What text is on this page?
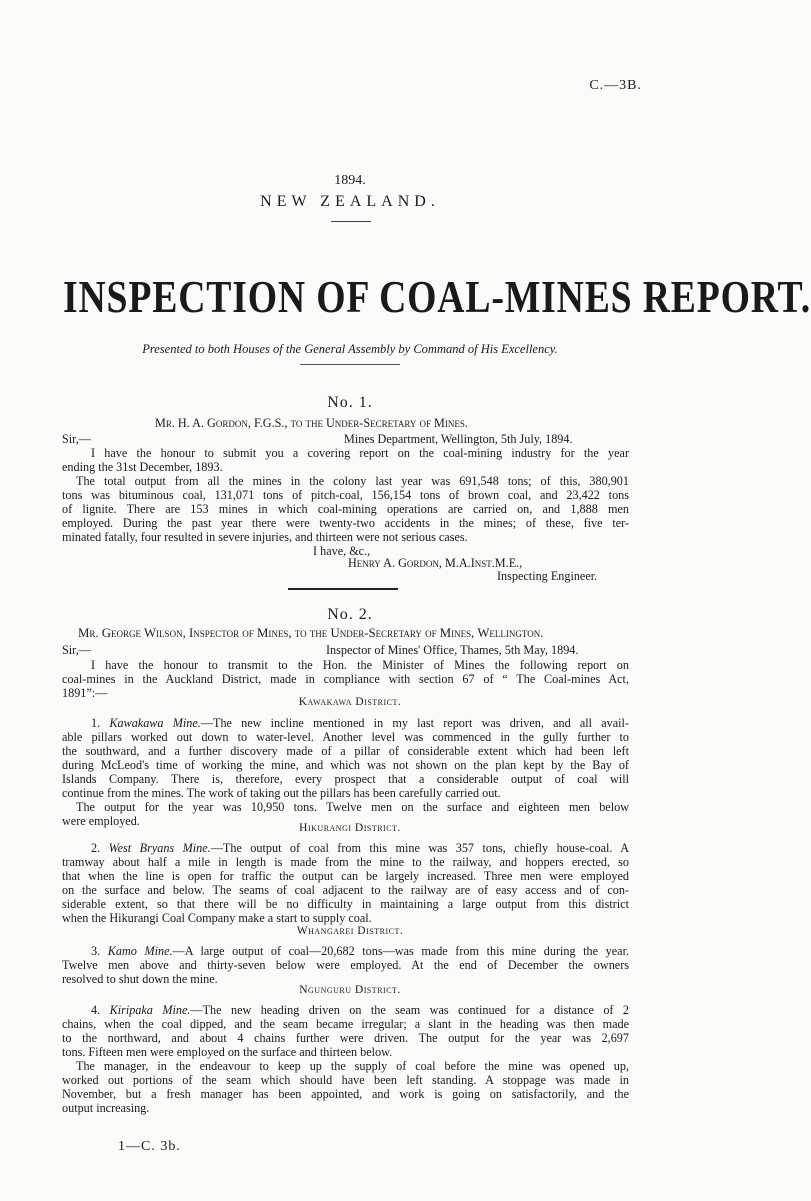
C.—3B.
1894.
NEW ZEALAND.
INSPECTION OF COAL-MINES REPORT.
Presented to both Houses of the General Assembly by Command of His Excellency.
No. 1.
Mr. H. A. Gordon, F.G.S., to the Under-Secretary of Mines.
Sir,—	Mines Department, Wellington, 5th July, 1894.
I have the honour to submit you a covering report on the coal-mining industry for the year
ending the 31st December, 1893.
The total output from all the mines in the colony last year was 691,548 tons; of this, 380,901
tons was bituminous coal, 131,071 tons of pitch-coal, 156,154 tons of brown coal, and 23,422 tons
of lignite. There are 153 mines in which coal-mining operations are carried on, and 1,888 men
employed. During the past year there were twenty-two accidents in the mines; of these, five ter-
minated fatally, four resulted in severe injuries, and thirteen were not serious cases.
I have, &c.,
Henry A. Gordon, M.A.Inst.M.E.,
Inspecting Engineer.
No. 2.
Mr. George Wilson, Inspector of Mines, to the Under-Secretary of Mines, Wellington.
Sir,—	Inspector of Mines' Office, Thames, 5th May, 1894.
I have the honour to transmit to the Hon. the Minister of Mines the following report on
coal-mines in the Auckland District, made in compliance with section 67 of “ The Coal-mines Act,
1891”:—
Kawakawa District.
1. Kawakawa Mine.—The new incline mentioned in my last report was driven, and all avail-
able pillars worked out down to water-level. Another level was commenced in the gully further to
the southward, and a further discovery made of a pillar of considerable extent which had been left
during McLeod's time of working the mine, and which was not shown on the plan kept by the Bay of
Islands Company. There is, therefore, every prospect that a considerable output of coal will
continue from the mines. The work of taking out the pillars has been carefully carried out.
The output for the year was 10,950 tons. Twelve men on the surface and eighteen men below
were employed.	Hikurangi District.
2. West Bryans Mine.—The output of coal from this mine was 357 tons, chiefly house-coal. A
tramway about half a mile in length is made from the mine to the railway, and hoppers erected, so
that when the line is open for traffic the output can be largely increased. Three men were employed
on the surface and below. The seams of coal adjacent to the railway are of easy access and of con-
siderable extent, so that there will be no difficulty in maintaining a large output from this district
when the Hikurangi Coal Company make a start to supply coal.
Whangarei District.
3. Kamo Mine.—A large output of coal—20,682 tons—was made from this mine during the year.
Twelve men above and thirty-seven below were employed. At the end of December the owners
resolved to shut down the mine.
Ngunguru District.
4. Kiripaka Mine.—The new heading driven on the seam was continued for a distance of 2
chains, when the coal dipped, and the seam became irregular; a slant in the heading was then made
to the northward, and about 4 chains further were driven. The output for the year was 2,697
tons. Fifteen men were employed on the surface and thirteen below.
The manager, in the endeavour to keep up the supply of coal before the mine was opened up,
worked out portions of the seam which should have been left standing. A stoppage was made in
November, but a fresh manager has been appointed, and work is going on satisfactorily, and the
output increasing.
1—C. 3b.
